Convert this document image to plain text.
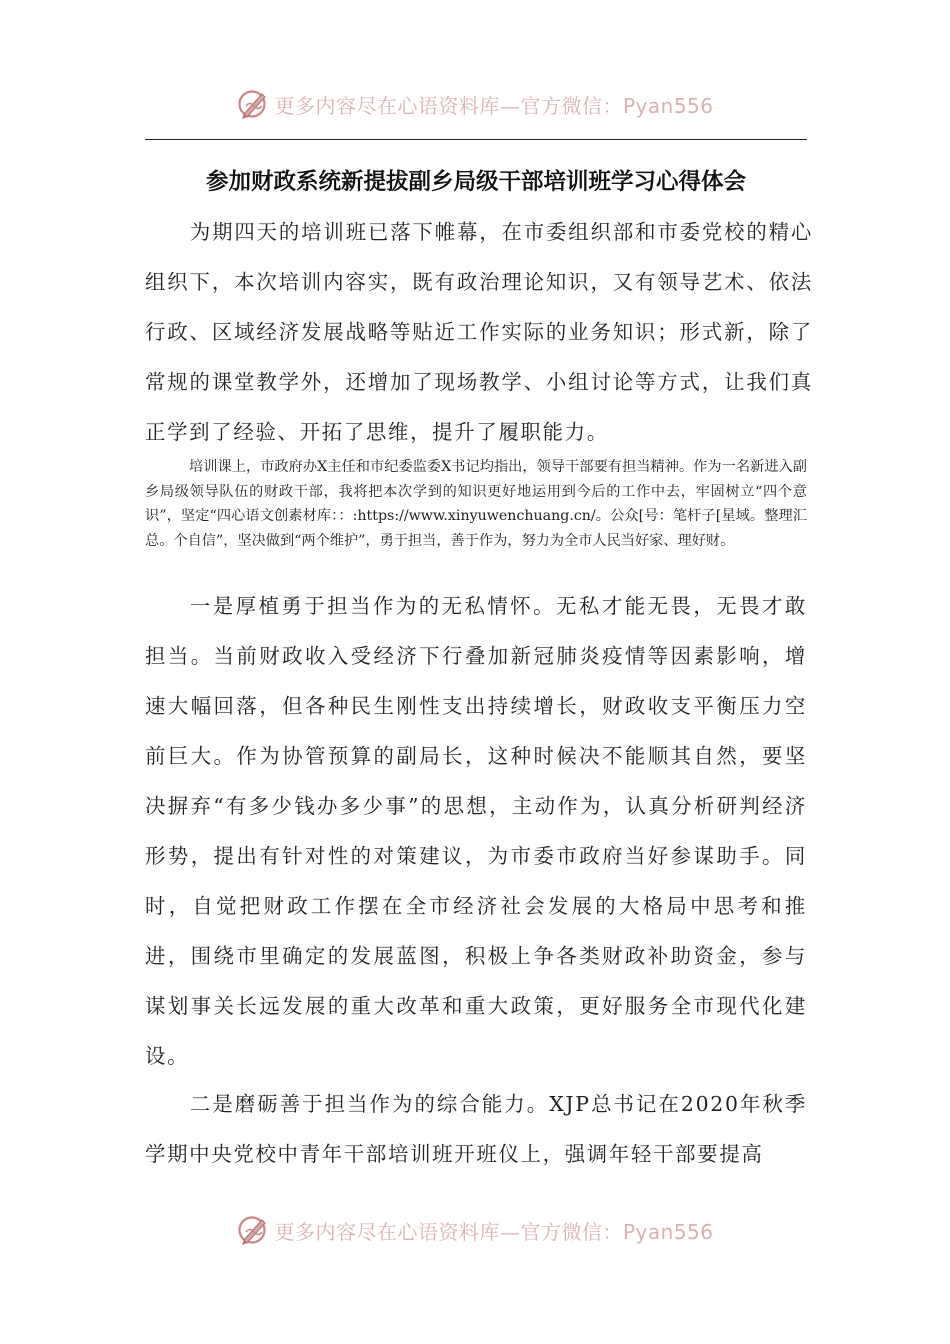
更多内容尽在心语资料库—官方微信：Pyan556
参加财政系统新提拔副乡局级干部培训班学习心得体会

为期四天的培训班已落下帷幕，在市委组织部和市委党校的精心组织下，本次培训内容实，既有政治理论知识，又有领导艺术、依法行政、区域经济发展战略等贴近工作实际的业务知识；形式新，除了常规的课堂教学外，还增加了现场教学、小组讨论等方式，让我们真正学到了经验、开拓了思维，提升了履职能力。

培训课上，市政府办X主任和市纪委监委X书记均指出，领导干部要有担当精神。作为一名新进入副乡局级领导队伍的财政干部，我将把本次学到的知识更好地运用到今后的工作中去，牢固树立“四个意识”，坚定“四心语文创素材库：：:https://www.xinyuwenchuang.cn/。公众[号：笔杆子[星域。整理汇总。个自信”，坚决做到“两个维护”，勇于担当，善于作为，努力为全市人民当好家、理好财。

一是厚植勇于担当作为的无私情怀。无私才能无畏，无畏才敢担当。当前财政收入受经济下行叠加新冠肺炎疫情等因素影响，增速大幅回落，但各种民生刚性支出持续增长，财政收支平衡压力空前巨大。作为协管预算的副局长，这种时候决不能顺其自然，要坚决摒弃“有多少钱办多少事”的思想，主动作为，认真分析研判经济形势，提出有针对性的对策建议，为市委市政府当好参谋助手。同时，自觉把财政工作摆在全市经济社会发展的大格局中思考和推进，围绕市里确定的发展蓝图，积极上争各类财政补助资金，参与谋划事关长远发展的重大改革和重大政策，更好服务全市现代化建设。

二是磨砺善于担当作为的综合能力。XJP总书记在2020年秋季学期中央党校中青年干部培训班开班仪上，强调年轻干部要提高

更多内容尽在心语资料库—官方微信：Pyan556
